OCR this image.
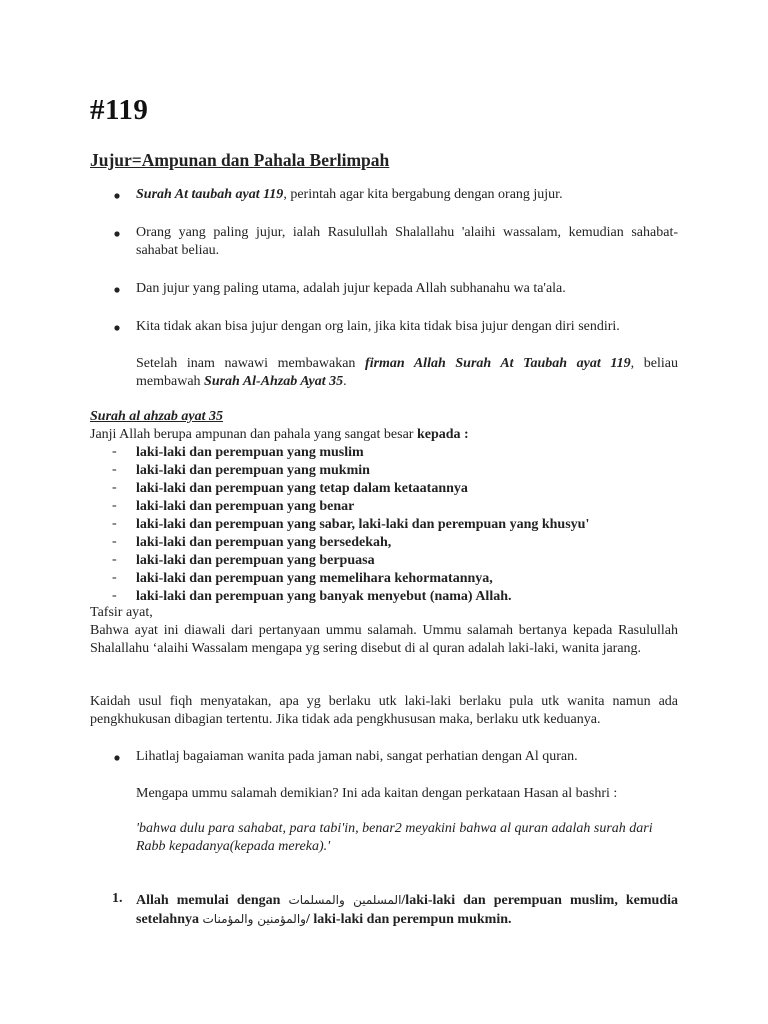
#119
Jujur=Ampunan dan Pahala Berlimpah
Surah At taubah ayat 119, perintah agar kita bergabung dengan orang jujur.
Orang yang paling jujur, ialah Rasulullah Shalallahu 'alaihi wassalam, kemudian sahabat-sahabat beliau.
Dan jujur yang paling utama, adalah jujur kepada Allah subhanahu wa ta'ala.
Kita tidak akan bisa jujur dengan org lain, jika kita tidak bisa jujur dengan diri sendiri.
Setelah inam nawawi membawakan firman Allah Surah At Taubah ayat 119, beliau membawah Surah Al-Ahzab Ayat 35.
Surah al ahzab ayat 35
Janji Allah berupa ampunan dan pahala yang sangat besar kepada :
- laki-laki dan perempuan yang muslim
- laki-laki dan perempuan yang mukmin
- laki-laki dan perempuan yang tetap dalam ketaatannya
- laki-laki dan perempuan yang benar
- laki-laki dan perempuan yang sabar, laki-laki dan perempuan yang khusyu'
- laki-laki dan perempuan yang bersedekah,
- laki-laki dan perempuan yang berpuasa
- laki-laki dan perempuan yang memelihara kehormatannya,
- laki-laki dan perempuan yang banyak menyebut (nama) Allah.
Tafsir ayat,
Bahwa ayat ini diawali dari pertanyaan ummu salamah. Ummu salamah bertanya kepada Rasulullah Shalallahu ‘alaihi Wassalam mengapa yg sering disebut di al quran adalah laki-laki, wanita jarang.
Kaidah usul fiqh menyatakan, apa yg berlaku utk laki-laki berlaku pula utk wanita namun ada pengkhukusan dibagian tertentu. Jika tidak ada pengkhususan maka, berlaku utk keduanya.
Lihatlaj bagaiaman wanita pada jaman nabi, sangat perhatian dengan Al quran.
Mengapa ummu salamah demikian? Ini ada kaitan dengan perkataan Hasan al bashri :
'bahwa dulu para sahabat, para tabi'in, benar2 meyakini bahwa al quran adalah surah dari Rabb kepadanya(kepada mereka).'
1. Allah memulai dengan المسلمين والمسلمات/laki-laki dan perempuan muslim, kemudia setelahnya والمؤمنين والمؤمنات/ laki-laki dan perempun mukmin.
